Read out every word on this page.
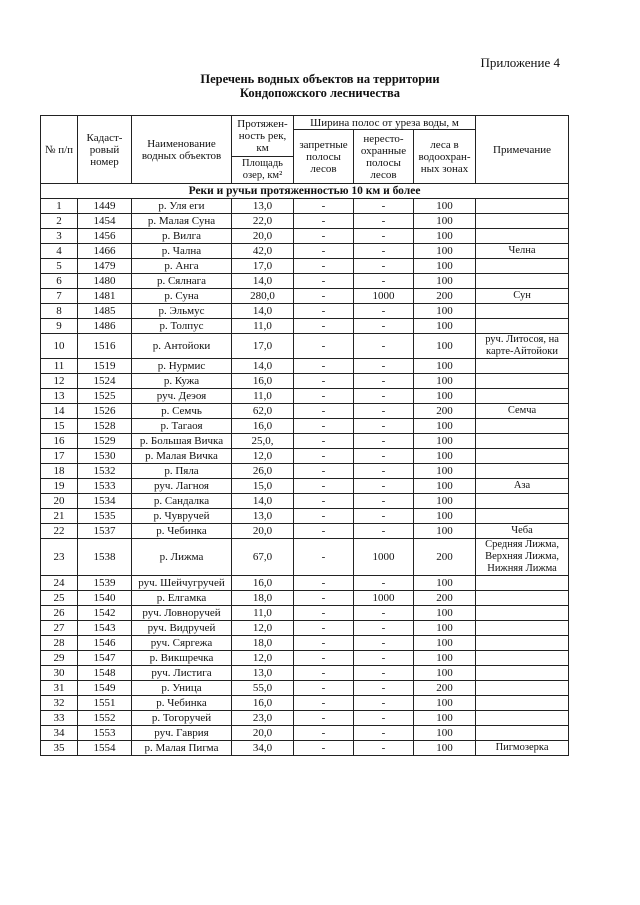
Приложение 4
Перечень водных объектов на территории
Кондопожского лесничества
№ п/п	Кадаст-ровый номер	Наименование водных объектов	Протяжен-ность рек, км	Ширина полос от уреза воды, м			Примечание
				запретные полосы лесов	нересто-охранные полосы лесов	леса в водоохран-ных зонах	
			Площадь озер, км²				
Реки и ручьи протяженностью 10 км и более							
1	1449	р. Уля еги	13,0	-	-	100	
2	1454	р. Малая Суна	22,0	-	-	100	
3	1456	р. Вилга	20,0	-	-	100	
4	1466	р. Чална	42,0	-	-	100	Челна
5	1479	р. Анга	17,0	-	-	100	
6	1480	р. Сялнага	14,0	-	-	100	
7	1481	р. Суна	280,0	-	1000	200	Сун
8	1485	р. Эльмус	14,0	-	-	100	
9	1486	р. Толпус	11,0	-	-	100	
10	1516	р. Антойоки	17,0	-	-	100	руч. Литосоя, на карте-Айтойоки
11	1519	р. Нурмис	14,0	-	-	100	
12	1524	р. Кужа	16,0	-	-	100	
13	1525	руч. Деэоя	11,0	-	-	100	
14	1526	р. Семчь	62,0	-	-	200	Семча
15	1528	р. Тагаоя	16,0	-	-	100	
16	1529	р. Большая Вичка	25,0,	-	-	100	
17	1530	р. Малая Вичка	12,0	-	-	100	
18	1532	р. Пяла	26,0	-	-	100	
19	1533	руч. Лагноя	15,0	-	-	100	Аза
20	1534	р. Сандалка	14,0	-	-	100	
21	1535	р. Чувручей	13,0	-	-	100	
22	1537	р. Чебинка	20,0	-	-	100	Чеба
23	1538	р. Лижма	67,0	-	1000	200	Средняя Лижма, Верхняя Лижма, Нижняя Лижма
24	1539	руч. Шейчугручей	16,0	-	-	100	
25	1540	р. Елгамка	18,0	-	1000	200	
26	1542	руч. Ловноручей	11,0	-	-	100	
27	1543	руч. Видручей	12,0	-	-	100	
28	1546	руч. Сяргежа	18,0	-	-	100	
29	1547	р. Викшречка	12,0	-	-	100	
30	1548	руч. Листига	13,0	-	-	100	
31	1549	р. Уница	55,0	-	-	200	
32	1551	р. Чебинка	16,0	-	-	100	
33	1552	р. Тогоручей	23,0	-	-	100	
34	1553	руч. Гаврия	20,0	-	-	100	
35	1554	р. Малая Пигма	34,0	-	-	100	Пигмозерка
